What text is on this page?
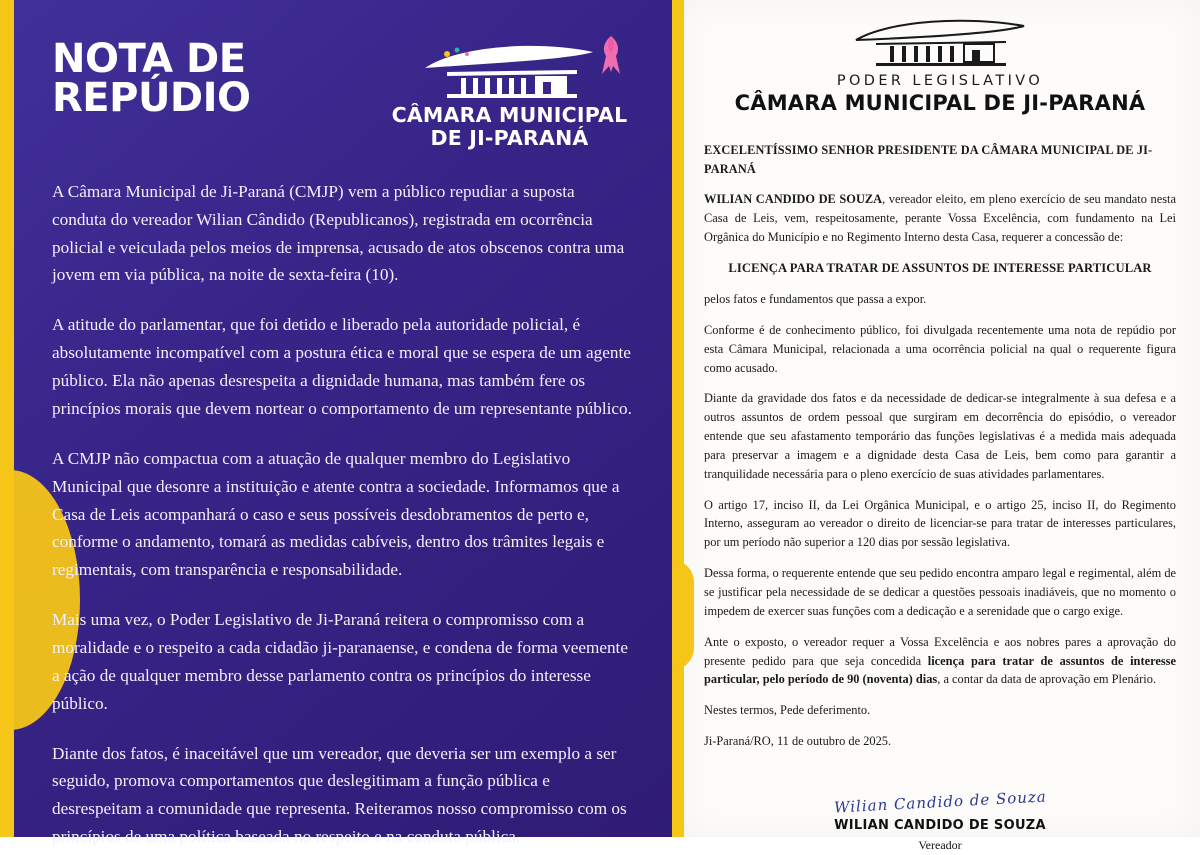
NOTA DE
REPÚDIO	CÂMARA MUNICIPAL
DE JI-PARANÁ

A Câmara Municipal de Ji-Paraná (CMJP) vem a público repudiar a suposta conduta do vereador Wilian Cândido (Republicanos), registrada em ocorrência policial e veiculada pelos meios de imprensa, acusado de atos obscenos contra uma jovem em via pública, na noite de sexta-feira (10).

A atitude do parlamentar, que foi detido e liberado pela autoridade policial, é absolutamente incompatível com a postura ética e moral que se espera de um agente público. Ela não apenas desrespeita a dignidade humana, mas também fere os princípios morais que devem nortear o comportamento de um representante público.

A CMJP não compactua com a atuação de qualquer membro do Legislativo Municipal que desonre a instituição e atente contra a sociedade. Informamos que a Casa de Leis acompanhará o caso e seus possíveis desdobramentos de perto e, conforme o andamento, tomará as medidas cabíveis, dentro dos trâmites legais e regimentais, com transparência e responsabilidade.

Mais uma vez, o Poder Legislativo de Ji-Paraná reitera o compromisso com a moralidade e o respeito a cada cidadão ji-paranaense, e condena de forma veemente a ação de qualquer membro desse parlamento contra os princípios do interesse público.

Diante dos fatos, é inaceitável que um vereador, que deveria ser um exemplo a ser seguido, promova comportamentos que deslegitimam a função pública e desrespeitam a comunidade que representa. Reiteramos nosso compromisso com os princípios de uma política baseada no respeito e na conduta pública.

PODER LEGISLATIVO
CÂMARA MUNICIPAL DE JI-PARANÁ

EXCELENTÍSSIMO SENHOR PRESIDENTE DA CÂMARA MUNICIPAL DE JI-PARANÁ

WILIAN CANDIDO DE SOUZA, vereador eleito, em pleno exercício de seu mandato nesta Casa de Leis, vem, respeitosamente, perante Vossa Excelência, com fundamento na Lei Orgânica do Município e no Regimento Interno desta Casa, requerer a concessão de:

LICENÇA PARA TRATAR DE ASSUNTOS DE INTERESSE PARTICULAR

pelos fatos e fundamentos que passa a expor.

Conforme é de conhecimento público, foi divulgada recentemente uma nota de repúdio por esta Câmara Municipal, relacionada a uma ocorrência policial na qual o requerente figura como acusado.

Diante da gravidade dos fatos e da necessidade de dedicar-se integralmente à sua defesa e a outros assuntos de ordem pessoal que surgiram em decorrência do episódio, o vereador entende que seu afastamento temporário das funções legislativas é a medida mais adequada para preservar a imagem e a dignidade desta Casa de Leis, bem como para garantir a tranquilidade necessária para o pleno exercício de suas atividades parlamentares.

O artigo 17, inciso II, da Lei Orgânica Municipal, e o artigo 25, inciso II, do Regimento Interno, asseguram ao vereador o direito de licenciar-se para tratar de interesses particulares, por um período não superior a 120 dias por sessão legislativa.

Dessa forma, o requerente entende que seu pedido encontra amparo legal e regimental, além de se justificar pela necessidade de se dedicar a questões pessoais inadiáveis, que no momento o impedem de exercer suas funções com a dedicação e a serenidade que o cargo exige.

Ante o exposto, o vereador requer a Vossa Excelência e aos nobres pares a aprovação do presente pedido para que seja concedida licença para tratar de assuntos de interesse particular, pelo período de 90 (noventa) dias, a contar da data de aprovação em Plenário.

Nestes termos, Pede deferimento.

Ji-Paraná/RO, 11 de outubro de 2025.

Wilian Candido de Souza
WILIAN CANDIDO DE SOUZA
Vereador
